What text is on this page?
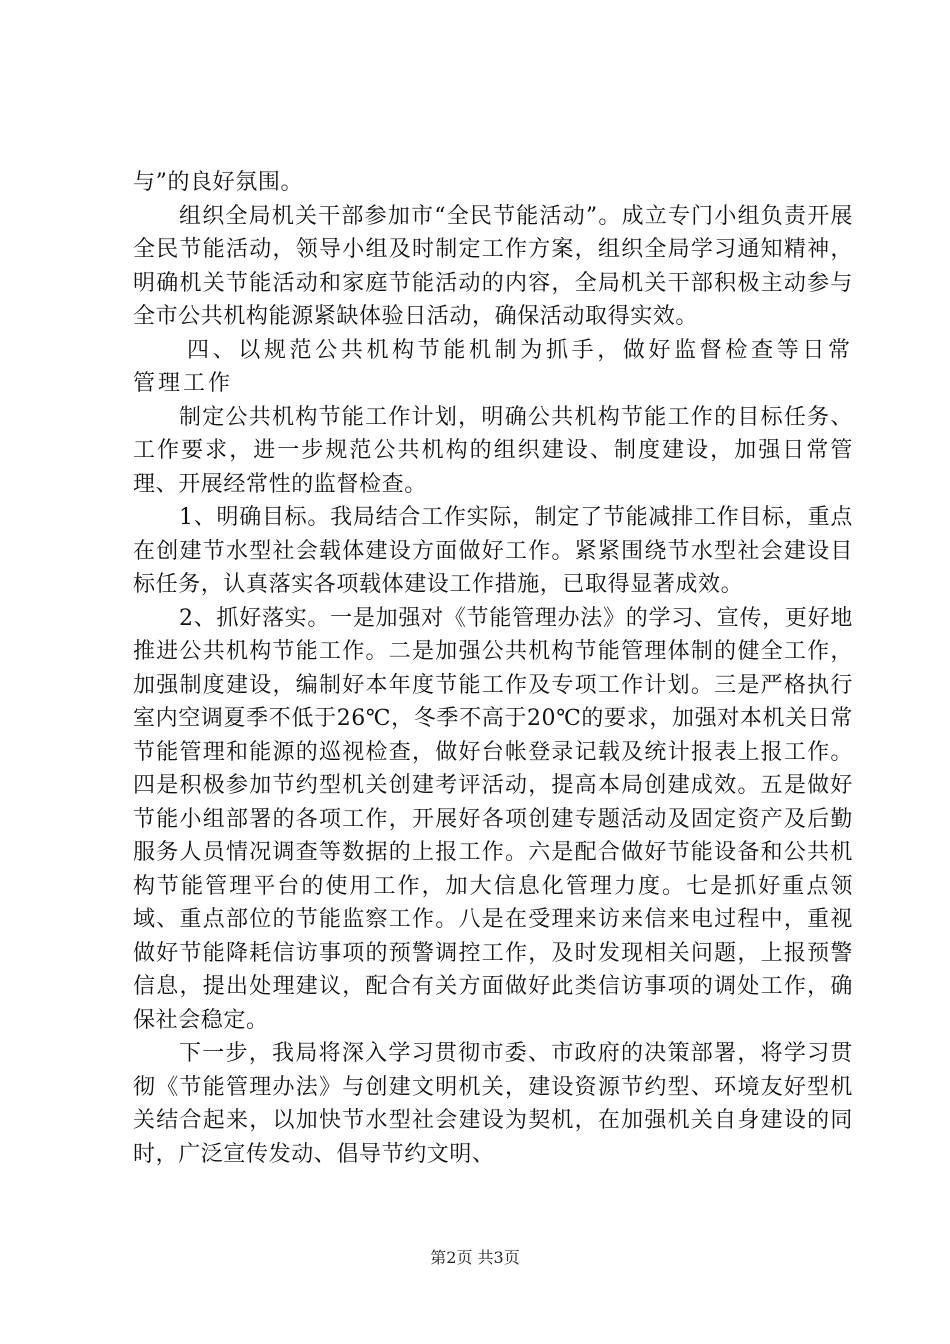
与”的良好氛围。

组织全局机关干部参加市“全民节能活动”。成立专门小组负责开展全民节能活动，领导小组及时制定工作方案，组织全局学习通知精神，明确机关节能活动和家庭节能活动的内容，全局机关干部积极主动参与全市公共机构能源紧缺体验日活动，确保活动取得实效。

四、以规范公共机构节能机制为抓手，做好监督检查等日常管理工作

制定公共机构节能工作计划，明确公共机构节能工作的目标任务、工作要求，进一步规范公共机构的组织建设、制度建设，加强日常管理、开展经常性的监督检查。

1、明确目标。我局结合工作实际，制定了节能减排工作目标，重点在创建节水型社会载体建设方面做好工作。紧紧围绕节水型社会建设目标任务，认真落实各项载体建设工作措施，已取得显著成效。

2、抓好落实。一是加强对《节能管理办法》的学习、宣传，更好地推进公共机构节能工作。二是加强公共机构节能管理体制的健全工作，加强制度建设，编制好本年度节能工作及专项工作计划。三是严格执行室内空调夏季不低于26℃，冬季不高于20℃的要求，加强对本机关日常节能管理和能源的巡视检查，做好台帐登录记载及统计报表上报工作。四是积极参加节约型机关创建考评活动，提高本局创建成效。五是做好节能小组部署的各项工作，开展好各项创建专题活动及固定资产及后勤服务人员情况调查等数据的上报工作。六是配合做好节能设备和公共机构节能管理平台的使用工作，加大信息化管理力度。七是抓好重点领域、重点部位的节能监察工作。八是在受理来访来信来电过程中，重视做好节能降耗信访事项的预警调控工作，及时发现相关问题，上报预警信息，提出处理建议，配合有关方面做好此类信访事项的调处工作，确保社会稳定。

下一步，我局将深入学习贯彻市委、市政府的决策部署，将学习贯彻《节能管理办法》与创建文明机关，建设资源节约型、环境友好型机关结合起来，以加快节水型社会建设为契机，在加强机关自身建设的同时，广泛宣传发动、倡导节约文明、

第2页 共3页
